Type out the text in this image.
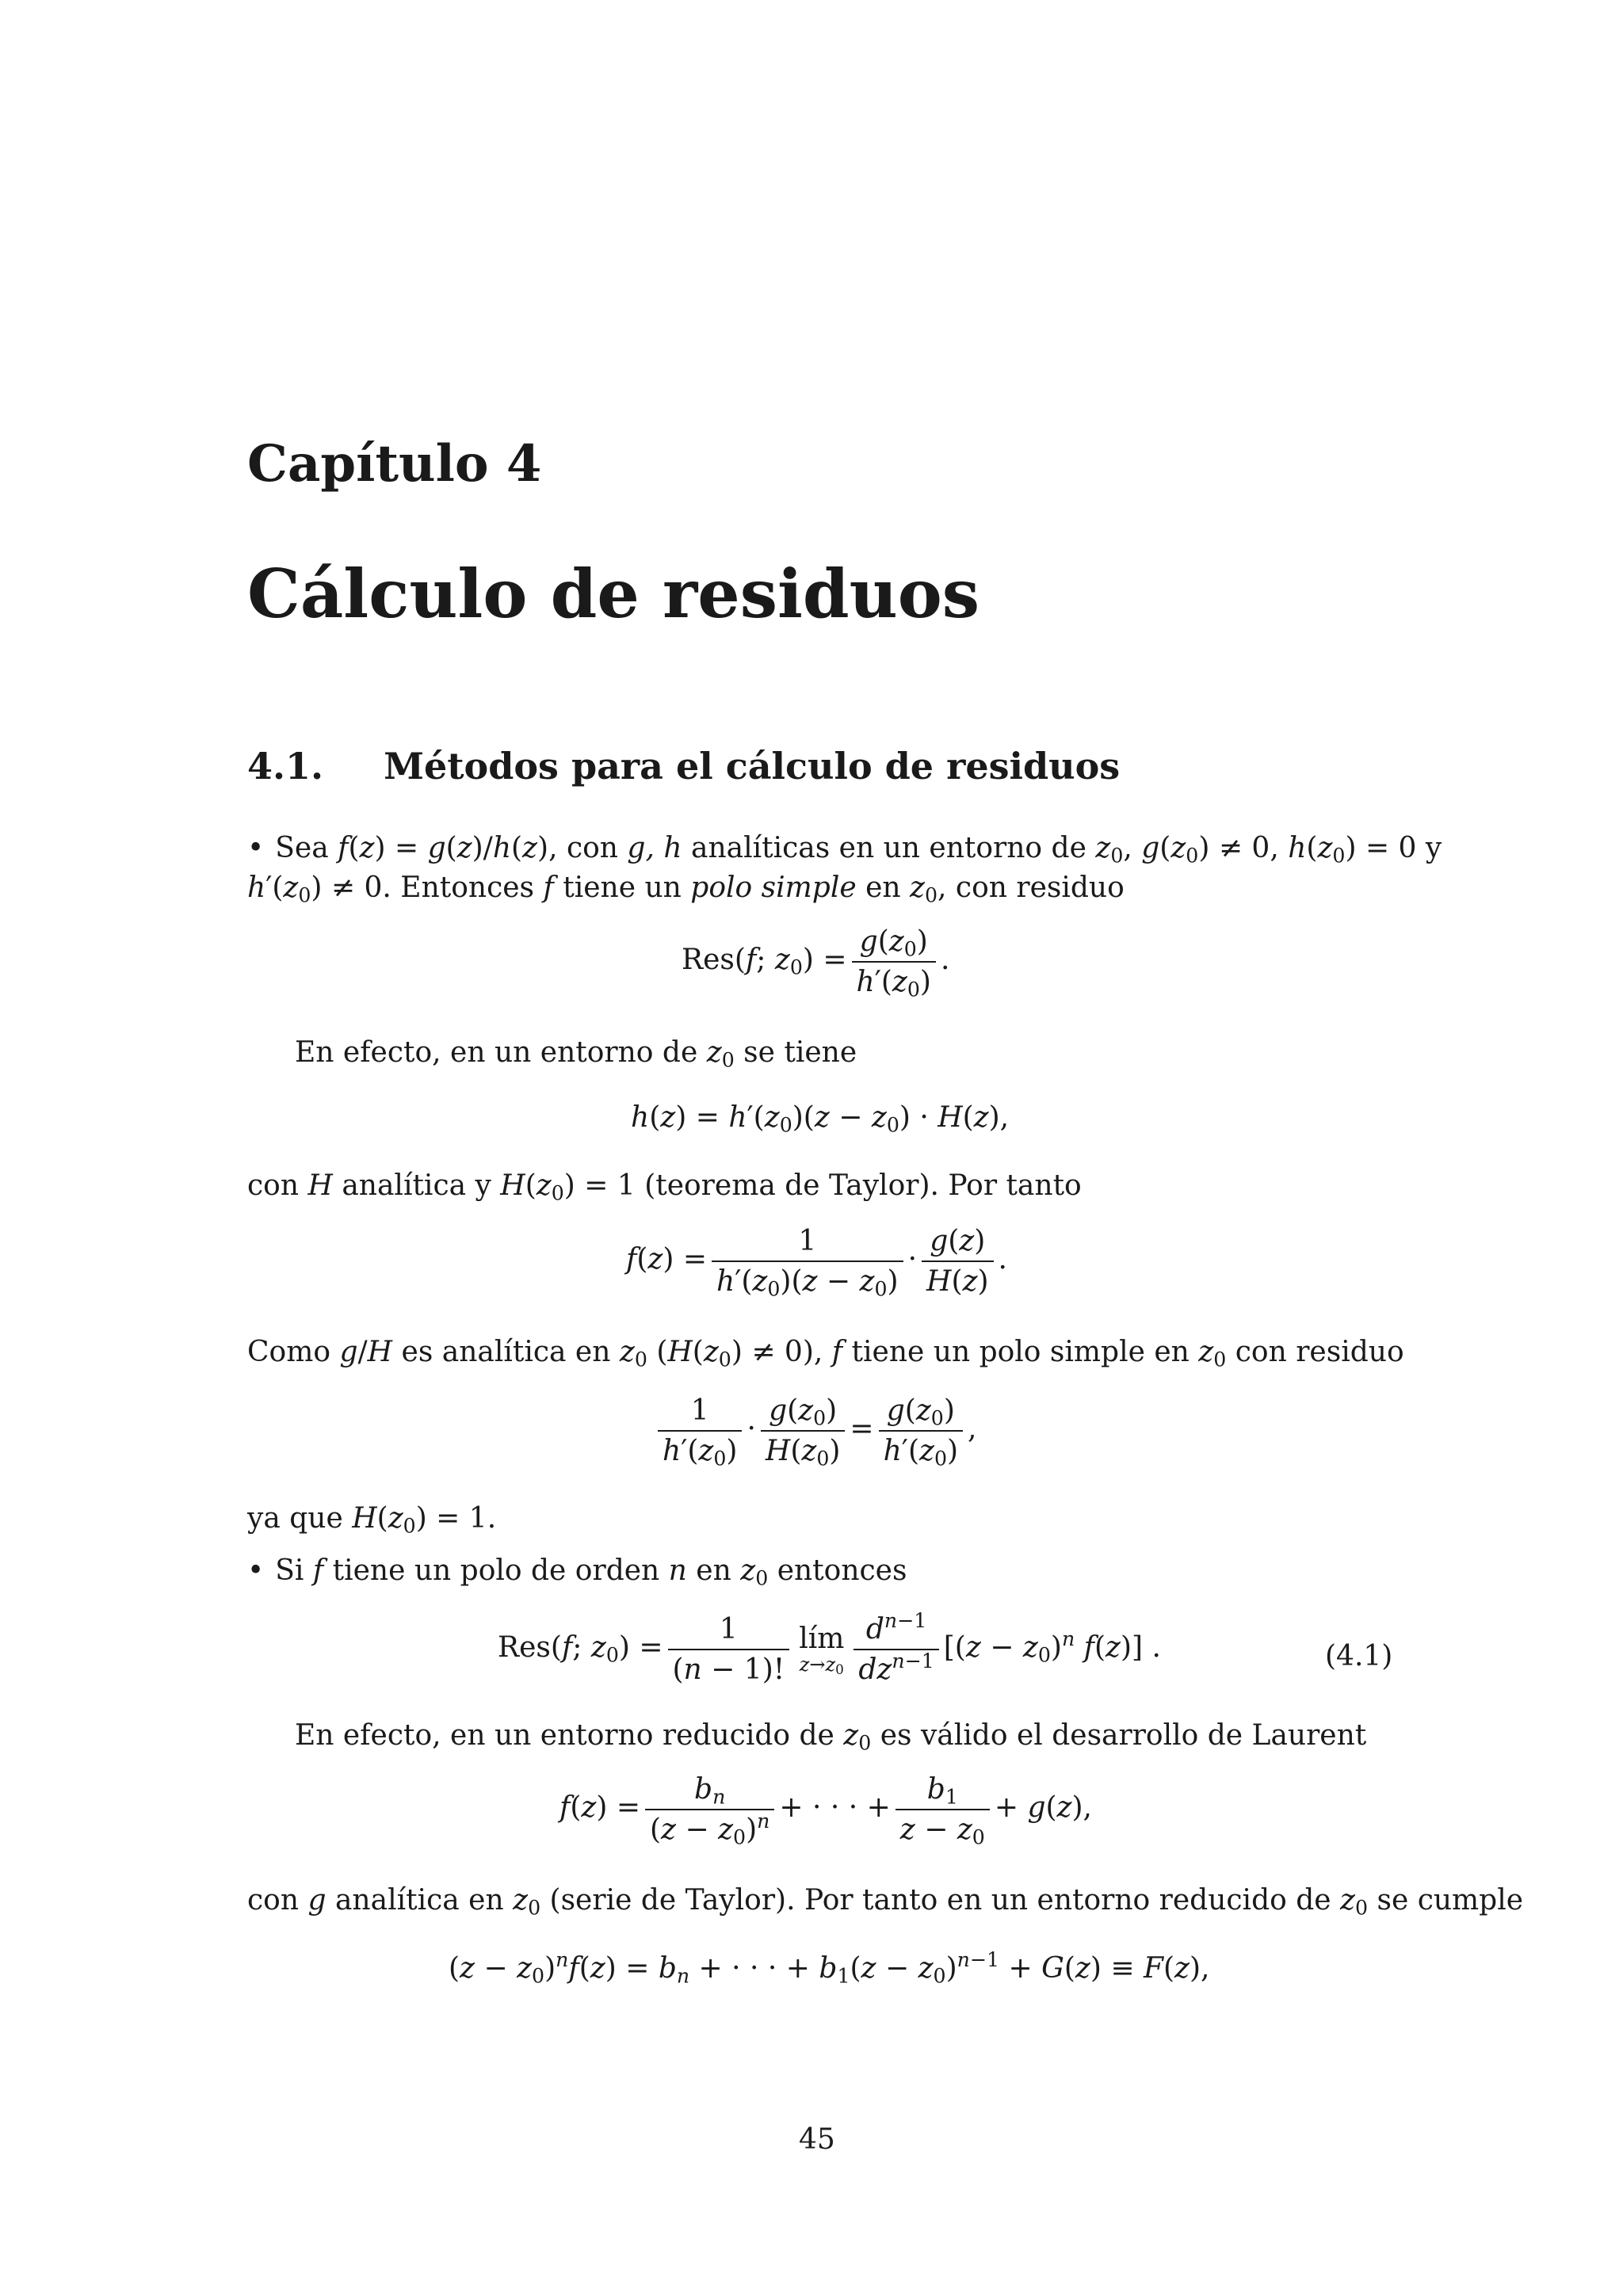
Capítulo 4
Cálculo de residuos
4.1. Métodos para el cálculo de residuos
• Sea f(z) = g(z)/h(z), con g, h analíticas en un entorno de $z_0$, $g(z_0) \ne 0$, $h(z_0) = 0$ y
$h'(z_0) \ne 0$. Entonces f tiene un polo simple en $z_0$, con residuo
Res(f; $z_0) = \frac{g(z_0)}{h'(z_0)}$ .
En efecto, en un entorno de $z_0$ se tiene
$h(z) = h'(z_0)(z - z_0) \cdot H(z)$,
con H analítica y $H(z_0) = 1$ (teorema de Taylor). Por tanto
$f(z) = \frac{1}{h'(z_0)(z - z_0)} \cdot \frac{g(z)}{H(z)}$ .
Como g/H es analítica en $z_0$ $(H(z_0) \ne 0)$, f tiene un polo simple en $z_0$ con residuo
$\frac{1}{h'(z_0)} \cdot \frac{g(z_0)}{H(z_0)} = \frac{g(z_0)}{h'(z_0)}$ ,
ya que $H(z_0) = 1$.
• Si f tiene un polo de orden n en $z_0$ entonces
Res(f; $z_0) = \frac{1}{(n - 1)!}$ lím
$z\to z_0 \frac{d^{n-1}}{dz^{n-1}} [(z - z_0)^n$ f(z)] .	(4.1)
En efecto, en un entorno reducido de $z_0$ es válido el desarrollo de Laurent
$f(z) = \frac{b_n}{(z - z_0)^n}$ + · · · + $\frac{b_1}{z - z_0} + g(z)$,
con g analítica en $z_0$ (serie de Taylor). Por tanto en un entorno reducido de $z_0$ se cumple
$(z - z_0)^nf(z) = b_n$ + · · · + $b_1(z - z_0)^{n-1} + G(z) \equiv F(z)$,
45
